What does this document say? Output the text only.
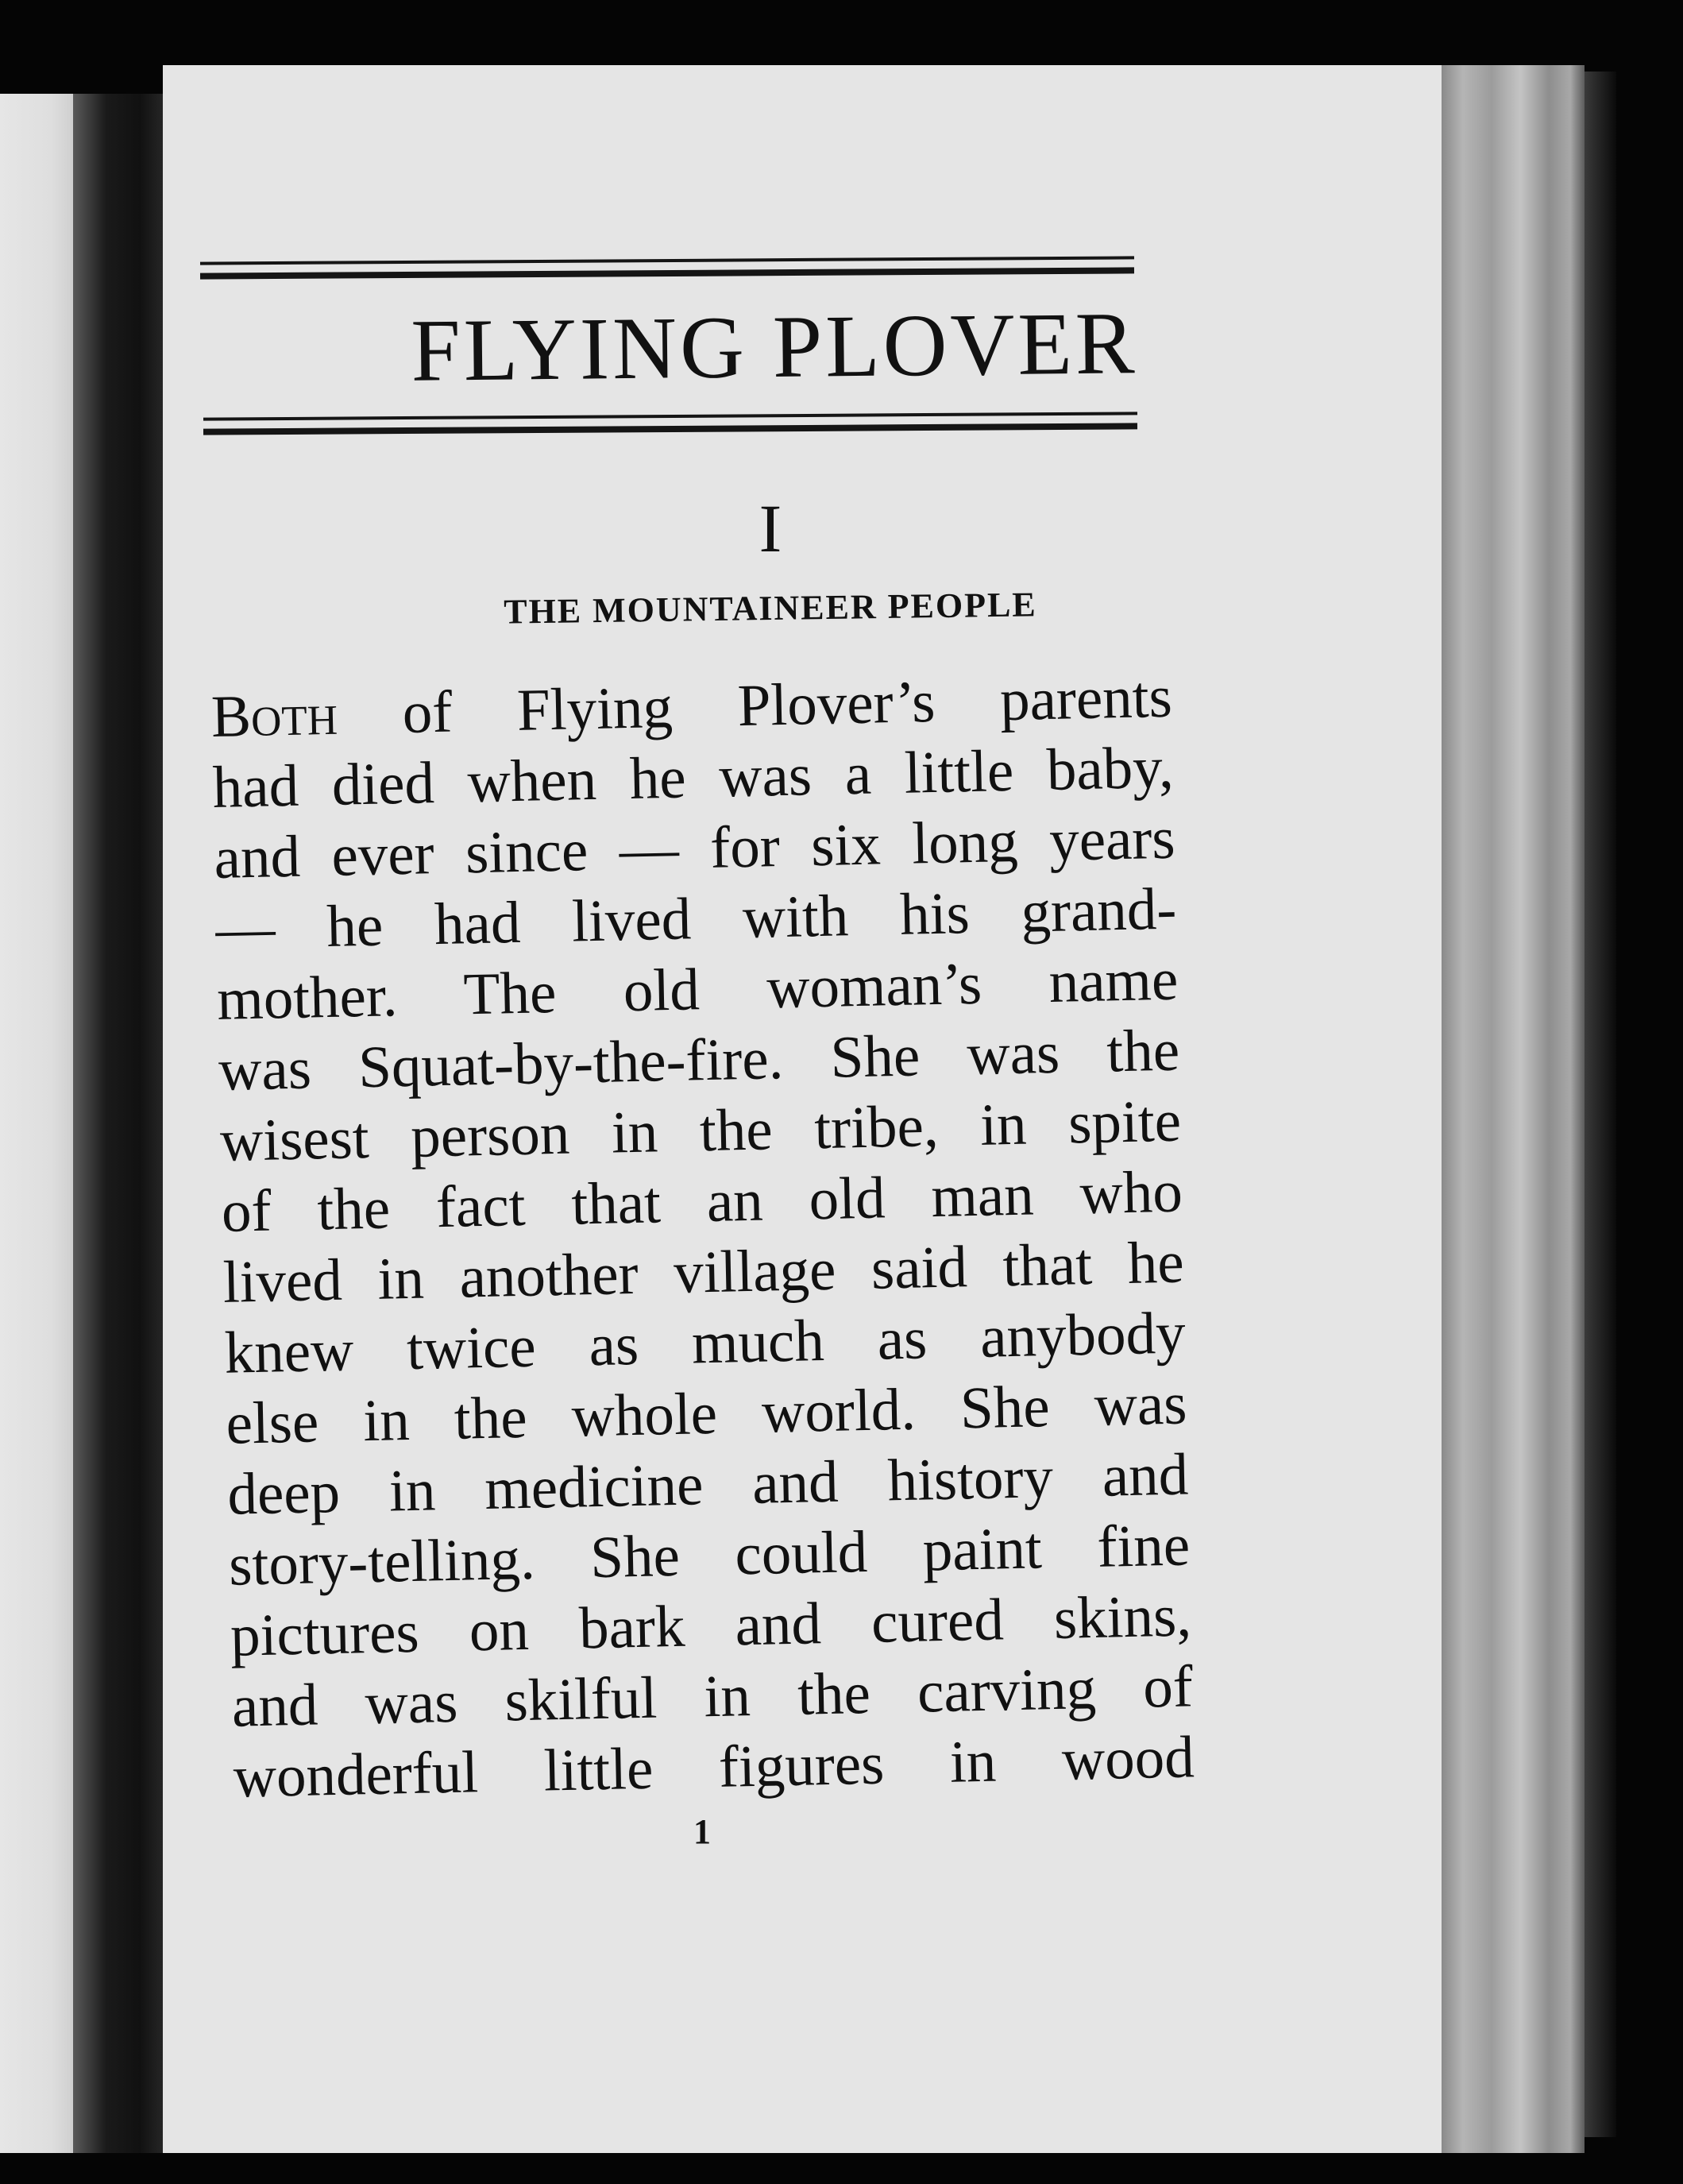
FLYING PLOVER
I
THE MOUNTAINEER PEOPLE
Both of Flying Plover’s parents
had died when he was a little baby,
and ever since — for six long years
— he had lived with his grand-
mother. The old woman’s name
was Squat-by-the-fire. She was the
wisest person in the tribe, in spite
of the fact that an old man who
lived in another village said that he
knew twice as much as anybody
else in the whole world. She was
deep in medicine and history and
story-telling. She could paint fine
pictures on bark and cured skins,
and was skilful in the carving of
wonderful little figures in wood
1
